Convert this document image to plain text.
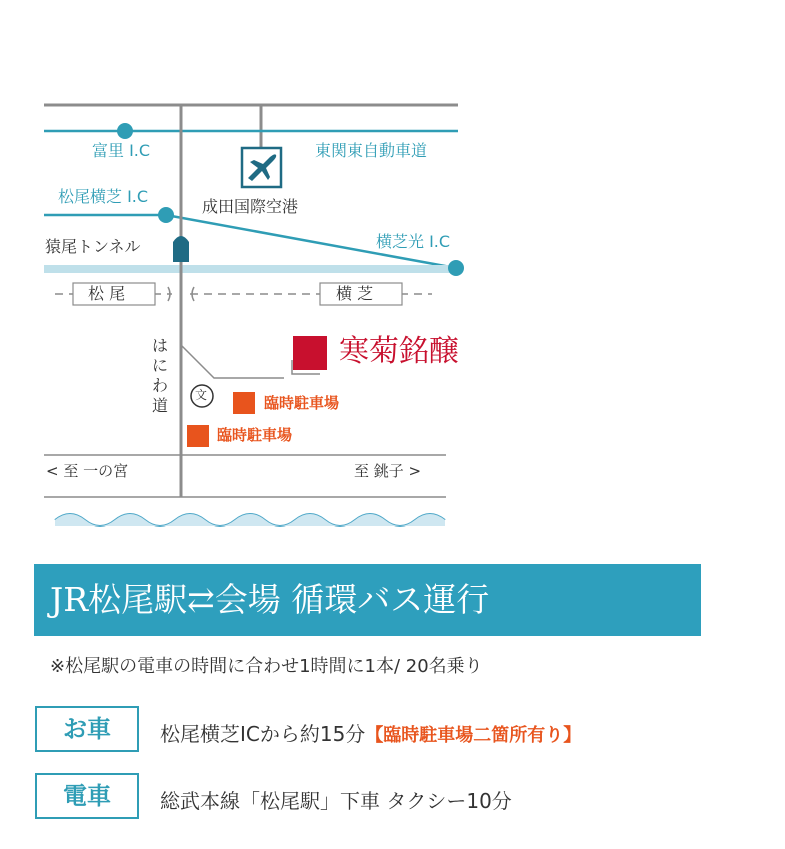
富里 I.C	東関東自動車道
成田国際空港
松尾横芝 I.C
横芝光 I.C
猿尾トンネル
松 尾	横 芝
は
に
わ
道
文
寒菊銘醸
臨時駐車場
臨時駐車場
< 至 一の宮	至 銚子 >
JR松尾駅⇄会場 循環バス運行
※松尾駅の電車の時間に合わせ1時間に1本/ 20名乗り
お車	松尾横芝ICから約15分【臨時駐車場二箇所有り】
電車	総武本線「松尾駅」下車 タクシー10分
